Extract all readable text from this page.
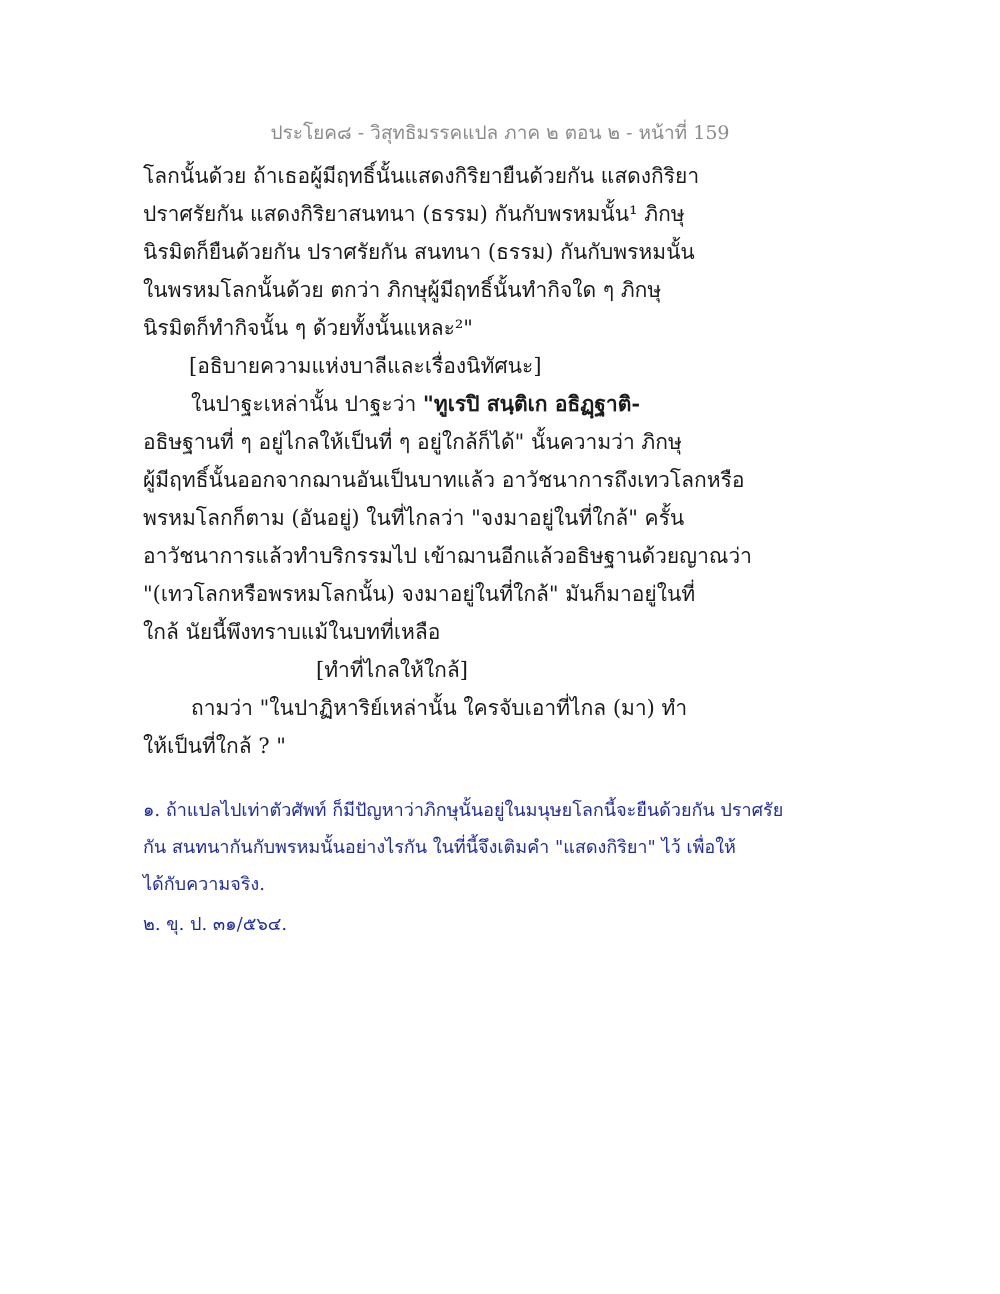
ประโยค๘ - วิสุทธิมรรคแปล ภาค ๒ ตอน ๒ - หน้าที่ 159
โลกนั้นด้วย ถ้าเธอผู้มีฤทธิ์นั้นแสดงกิริยายืนด้วยกัน แสดงกิริยา
ปราศรัยกัน แสดงกิริยาสนทนา (ธรรม) กันกับพรหมนั้น¹ ภิกษุ
นิรมิตก็ยืนด้วยกัน ปราศรัยกัน สนทนา (ธรรม) กันกับพรหมนั้น
ในพรหมโลกนั้นด้วย ตกว่า ภิกษุผู้มีฤทธิ์นั้นทำกิจใด ๆ ภิกษุ
นิรมิตก็ทำกิจนั้น ๆ ด้วยทั้งนั้นแหละ²"
[อธิบายความแห่งบาลีและเรื่องนิทัศนะ]
ในปาฐะเหล่านั้น ปาฐะว่า "ทูเรปิ สนฺติเก อธิฏฺฐาติ-
อธิษฐานที่ ๆ อยู่ไกลให้เป็นที่ ๆ อยู่ใกล้ก็ได้" นั้นความว่า ภิกษุ
ผู้มีฤทธิ์นั้นออกจากฌานอันเป็นบาทแล้ว อาวัชนาการถึงเทวโลกหรือ
พรหมโลกก็ตาม (อันอยู่) ในที่ไกลว่า "จงมาอยู่ในที่ใกล้" ครั้น
อาวัชนาการแล้วทำบริกรรมไป เข้าฌานอีกแล้วอธิษฐานด้วยญาณว่า
"(เทวโลกหรือพรหมโลกนั้น) จงมาอยู่ในที่ใกล้" มันก็มาอยู่ในที่
ใกล้ นัยนี้พึงทราบแม้ในบทที่เหลือ
[ทำที่ไกลให้ใกล้]
ถามว่า "ในปาฏิหาริย์เหล่านั้น ใครจับเอาที่ไกล (มา) ทำ
ให้เป็นที่ใกล้ ? "
๑. ถ้าแปลไปเท่าตัวศัพท์ ก็มีปัญหาว่าภิกษุนั้นอยู่ในมนุษยโลกนี้จะยืนด้วยกัน ปราศรัย
กัน สนทนากันกับพรหมนั้นอย่างไรกัน ในที่นี้จึงเติมคำ "แสดงกิริยา" ไว้ เพื่อให้
ได้กับความจริง.
๒. ขุ. ป. ๓๑/๕๖๔.
